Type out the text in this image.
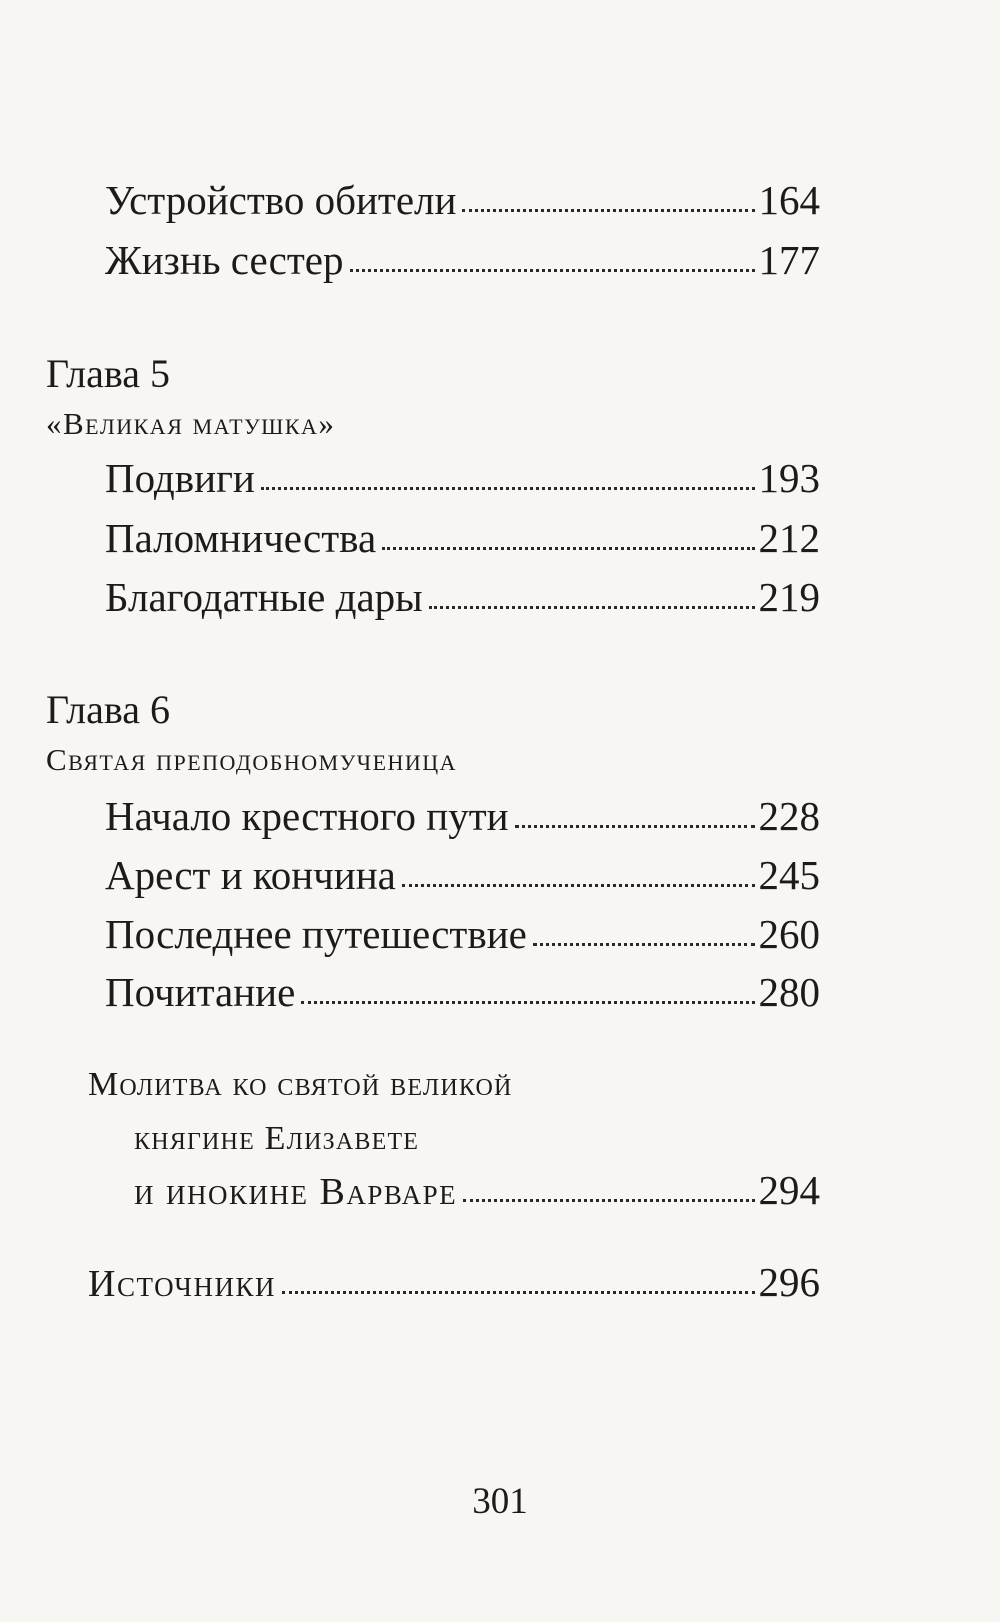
Устройство обители	164
Жизнь сестер	177
Глава 5
«Великая матушка»
Подвиги	193
Паломничества	212
Благодатные дары	219
Глава 6
Святая преподобномученица
Начало крестного пути	228
Арест и кончина	245
Последнее путешествие	260
Почитание	280
Молитва ко святой великой
княгине Елизавете
и инокине Варваре	294
Источники	296
301
